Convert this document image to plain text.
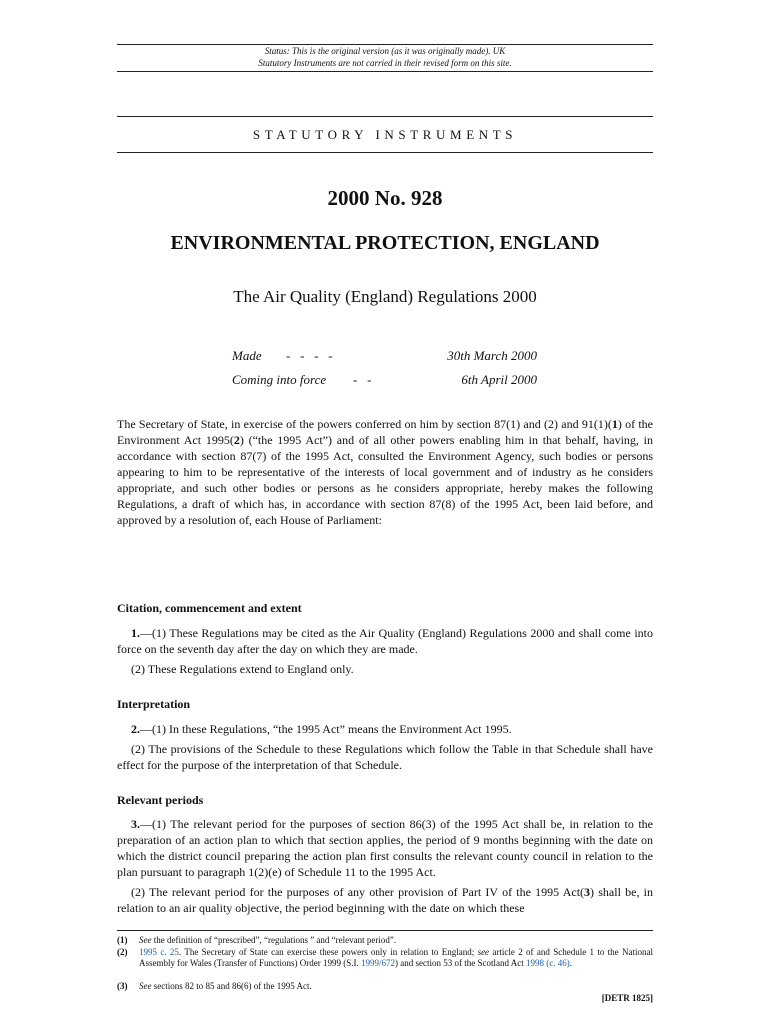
Status: This is the original version (as it was originally made). UK
Statutory Instruments are not carried in their revised form on this site.
STATUTORY INSTRUMENTS
2000 No. 928
ENVIRONMENTAL PROTECTION, ENGLAND
The Air Quality (England) Regulations 2000
Made -   -   -   -	30th March 2000
Coming into force -   -	6th April 2000
The Secretary of State, in exercise of the powers conferred on him by section 87(1) and (2) and 91(1)(1) of the Environment Act 1995(2) (“the 1995 Act”) and of all other powers enabling him in that behalf, having, in accordance with section 87(7) of the 1995 Act, consulted the Environment Agency, such bodies or persons appearing to him to be representative of the interests of local government and of industry as he considers appropriate, and such other bodies or persons as he considers appropriate, hereby makes the following Regulations, a draft of which has, in accordance with section 87(8) of the 1995 Act, been laid before, and approved by a resolution of, each House of Parliament:
Citation, commencement and extent
1.—(1) These Regulations may be cited as the Air Quality (England) Regulations 2000 and shall come into force on the seventh day after the day on which they are made.
(2) These Regulations extend to England only.
Interpretation
2.—(1) In these Regulations, “the 1995 Act” means the Environment Act 1995.
(2) The provisions of the Schedule to these Regulations which follow the Table in that Schedule shall have effect for the purpose of the interpretation of that Schedule.
Relevant periods
3.—(1) The relevant period for the purposes of section 86(3) of the 1995 Act shall be, in relation to the preparation of an action plan to which that section applies, the period of 9 months beginning with the date on which the district council preparing the action plan first consults the relevant county council in relation to the plan pursuant to paragraph 1(2)(e) of Schedule 11 to the 1995 Act.
(2) The relevant period for the purposes of any other provision of Part IV of the 1995 Act(3) shall be, in relation to an air quality objective, the period beginning with the date on which these
(1) See the definition of “prescribed”, “regulations ” and “relevant period”.
(2) 1995 c. 25. The Secretary of State can exercise these powers only in relation to England; see article 2 of and Schedule 1 to the National Assembly for Wales (Transfer of Functions) Order 1999 (S.I. 1999/672) and section 53 of the Scotland Act 1998 (c. 46).
(3) See sections 82 to 85 and 86(6) of the 1995 Act.
[DETR 1825]
